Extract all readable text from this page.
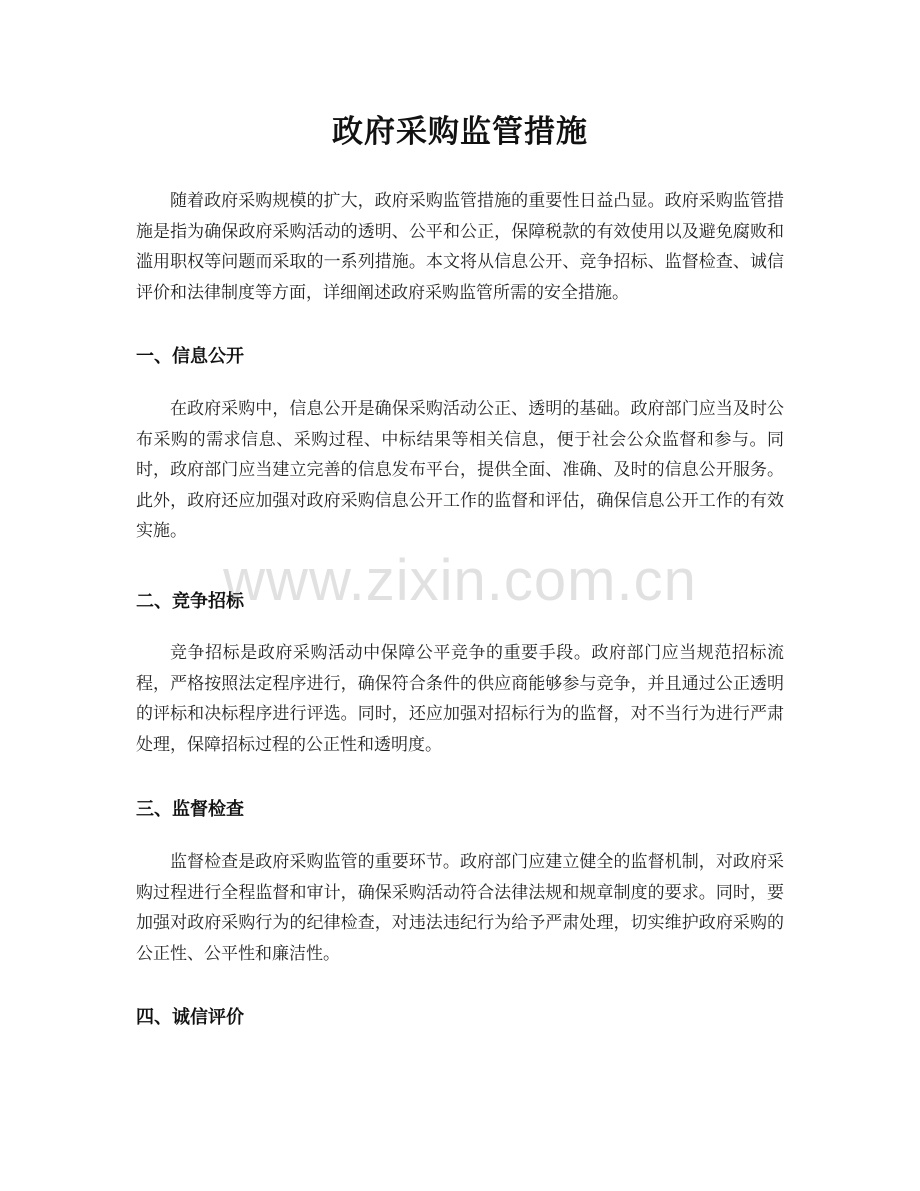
政府采购监管措施

随着政府采购规模的扩大，政府采购监管措施的重要性日益凸显。政府采购监管措施是指为确保政府采购活动的透明、公平和公正，保障税款的有效使用以及避免腐败和滥用职权等问题而采取的一系列措施。本文将从信息公开、竞争招标、监督检查、诚信评价和法律制度等方面，详细阐述政府采购监管所需的安全措施。

一、信息公开

在政府采购中，信息公开是确保采购活动公正、透明的基础。政府部门应当及时公布采购的需求信息、采购过程、中标结果等相关信息，便于社会公众监督和参与。同时，政府部门应当建立完善的信息发布平台，提供全面、准确、及时的信息公开服务。此外，政府还应加强对政府采购信息公开工作的监督和评估，确保信息公开工作的有效实施。

二、竞争招标

竞争招标是政府采购活动中保障公平竞争的重要手段。政府部门应当规范招标流程，严格按照法定程序进行，确保符合条件的供应商能够参与竞争，并且通过公正透明的评标和决标程序进行评选。同时，还应加强对招标行为的监督，对不当行为进行严肃处理，保障招标过程的公正性和透明度。

三、监督检查

监督检查是政府采购监管的重要环节。政府部门应建立健全的监督机制，对政府采购过程进行全程监督和审计，确保采购活动符合法律法规和规章制度的要求。同时，要加强对政府采购行为的纪律检查，对违法违纪行为给予严肃处理，切实维护政府采购的公正性、公平性和廉洁性。

四、诚信评价
www.zixin.com.cn
